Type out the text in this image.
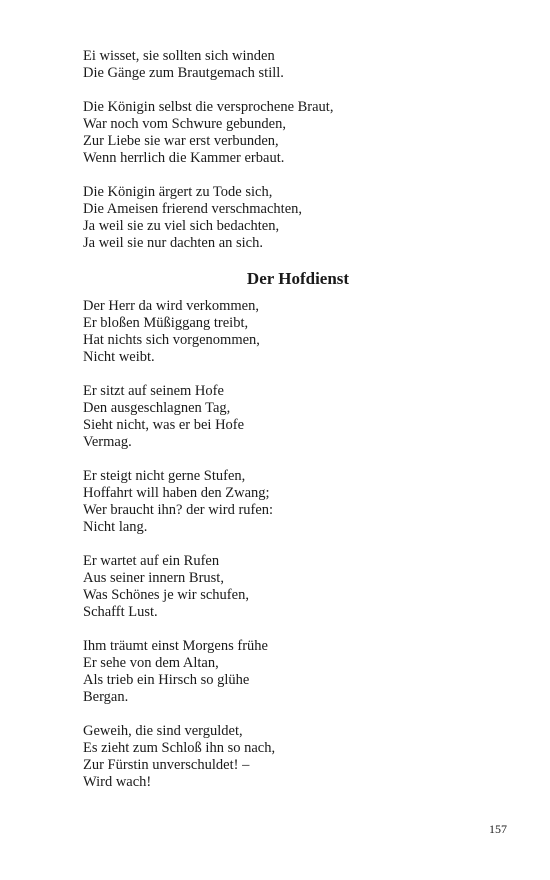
Ei wisset, sie sollten sich winden
Die Gänge zum Brautgemach still.
Die Königin selbst die versprochene Braut,
War noch vom Schwure gebunden,
Zur Liebe sie war erst verbunden,
Wenn herrlich die Kammer erbaut.
Die Königin ärgert zu Tode sich,
Die Ameisen frierend verschmachten,
Ja weil sie zu viel sich bedachten,
Ja weil sie nur dachten an sich.
Der Hofdienst
Der Herr da wird verkommen,
Er bloßen Müßiggang treibt,
Hat nichts sich vorgenommen,
Nicht weibt.
Er sitzt auf seinem Hofe
Den ausgeschlagnen Tag,
Sieht nicht, was er bei Hofe
Vermag.
Er steigt nicht gerne Stufen,
Hoffahrt will haben den Zwang;
Wer braucht ihn? der wird rufen:
Nicht lang.
Er wartet auf ein Rufen
Aus seiner innern Brust,
Was Schönes je wir schufen,
Schafft Lust.
Ihm träumt einst Morgens frühe
Er sehe von dem Altan,
Als trieb ein Hirsch so glühe
Bergan.
Geweih, die sind verguldet,
Es zieht zum Schloß ihn so nach,
Zur Fürstin unverschuldet! –
Wird wach!
157
